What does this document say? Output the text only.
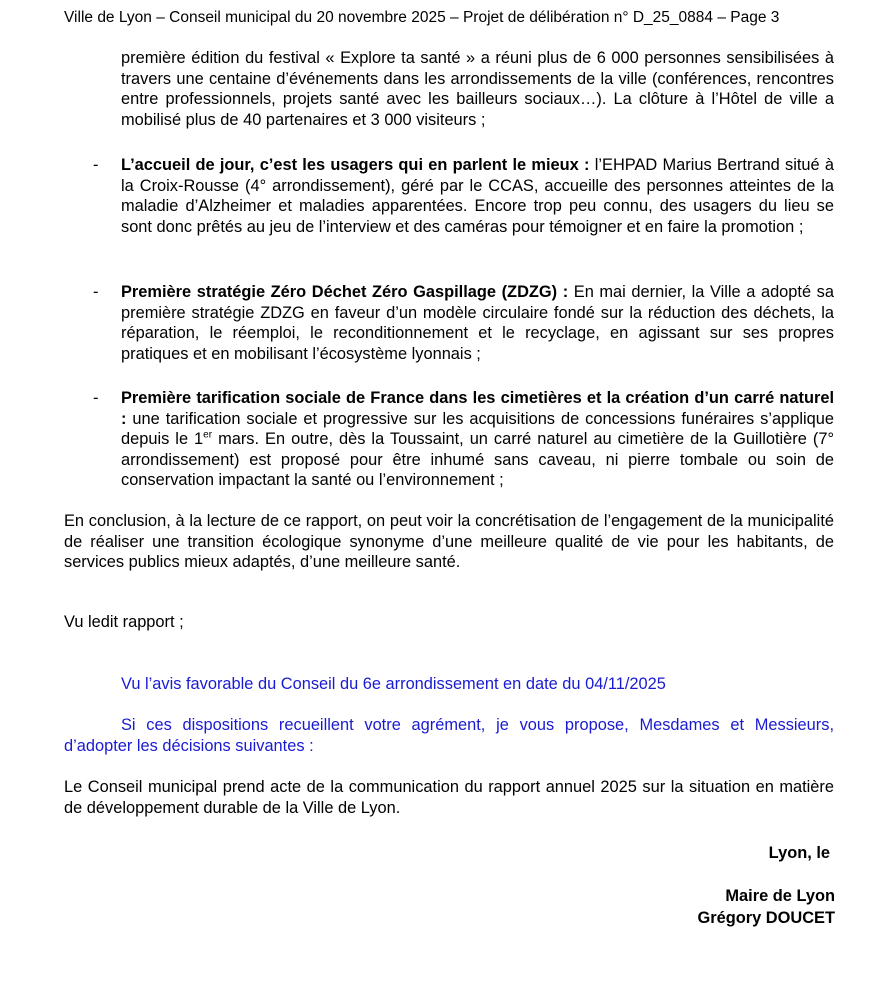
Ville de Lyon – Conseil municipal du 20 novembre 2025 – Projet de délibération n° D_25_0884 – Page 3
première édition du festival « Explore ta santé » a réuni plus de 6 000 personnes sensibilisées à travers une centaine d’événements dans les arrondissements de la ville (conférences, rencontres entre professionnels, projets santé avec les bailleurs sociaux…). La clôture à l’Hôtel de ville a mobilisé plus de 40 partenaires et 3 000 visiteurs ;
- L’accueil de jour, c’est les usagers qui en parlent le mieux : l’EHPAD Marius Bertrand situé à la Croix-Rousse (4° arrondissement), géré par le CCAS, accueille des personnes atteintes de la maladie d’Alzheimer et maladies apparentées. Encore trop peu connu, des usagers du lieu se sont donc prêtés au jeu de l’interview et des caméras pour témoigner et en faire la promotion ;
- Première stratégie Zéro Déchet Zéro Gaspillage (ZDZG) : En mai dernier, la Ville a adopté sa première stratégie ZDZG en faveur d’un modèle circulaire fondé sur la réduction des déchets, la réparation, le réemploi, le reconditionnement et le recyclage, en agissant sur ses propres pratiques et en mobilisant l’écosystème lyonnais ;
- Première tarification sociale de France dans les cimetières et la création d’un carré naturel : une tarification sociale et progressive sur les acquisitions de concessions funéraires s’applique depuis le 1er mars. En outre, dès la Toussaint, un carré naturel au cimetière de la Guillotière (7° arrondissement) est proposé pour être inhumé sans caveau, ni pierre tombale ou soin de conservation impactant la santé ou l’environnement ;
En conclusion, à la lecture de ce rapport, on peut voir la concrétisation de l’engagement de la municipalité de réaliser une transition écologique synonyme d’une meilleure qualité de vie pour les habitants, de services publics mieux adaptés, d’une meilleure santé.
Vu ledit rapport ;
Vu l’avis favorable du Conseil du 6e arrondissement en date du 04/11/2025
Si ces dispositions recueillent votre agrément, je vous propose, Mesdames et Messieurs, d’adopter les décisions suivantes :
Le Conseil municipal prend acte de la communication du rapport annuel 2025 sur la situation en matière de développement durable de la Ville de Lyon.
Lyon, le
Maire de Lyon
Grégory DOUCET
